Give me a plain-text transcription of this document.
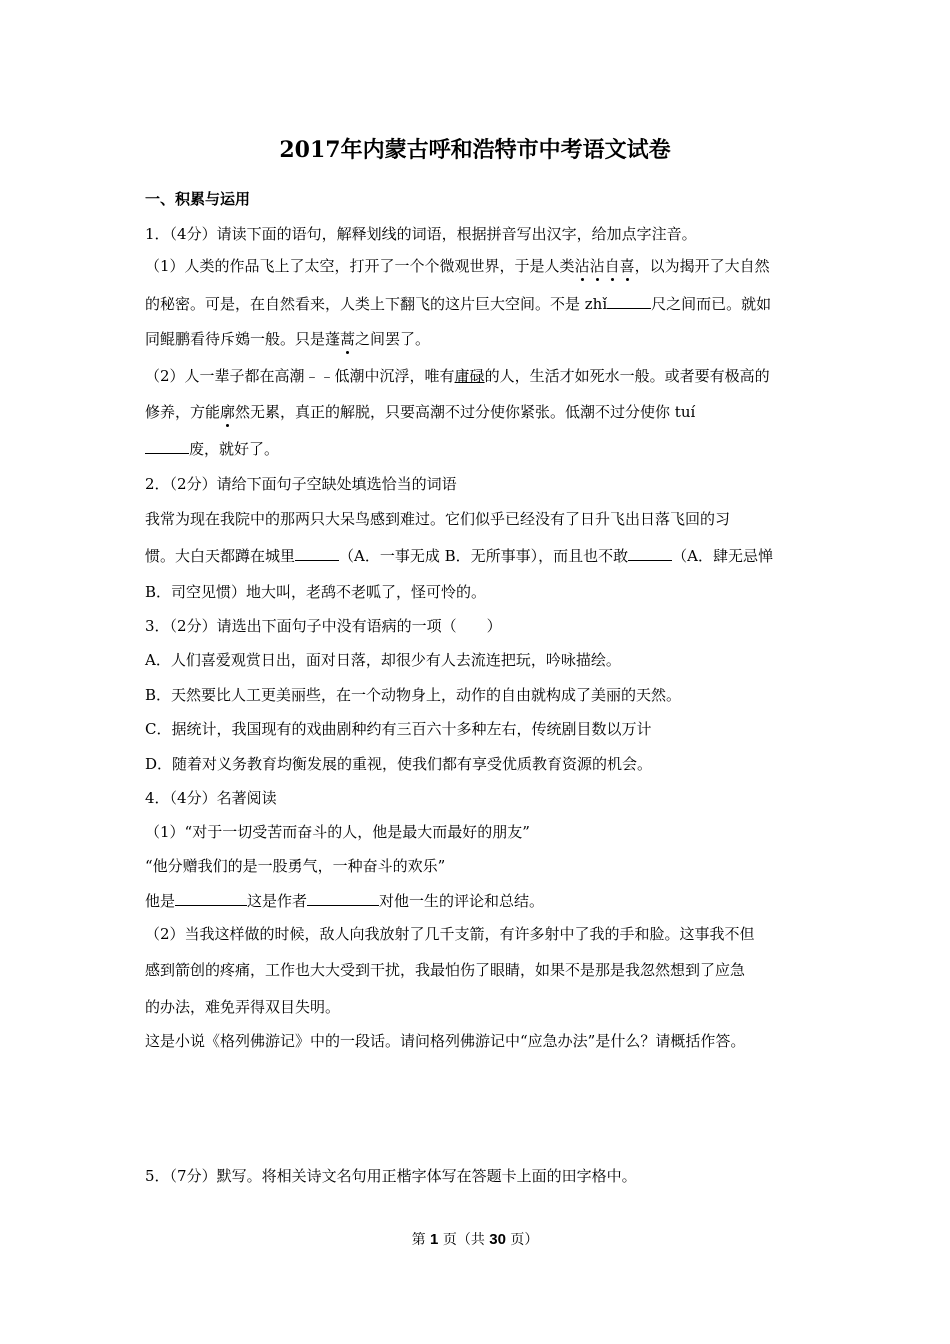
2017年内蒙古呼和浩特市中考语文试卷
一、积累与运用
1．（4分）请读下面的语句，解释划线的词语，根据拼音写出汉字，给加点字注音。
（1）人类的作品飞上了太空，打开了一个个微观世界，于是人类沾沾自喜，以为揭开了大自然
的秘密。可是，在自然看来，人类上下翻飞的这片巨大空间。不是 zhǐ	尺之间而已。就如
同鲲鹏看待斥鴳一般。只是蓬蒿之间罢了。
（2）人一辈子都在高潮﹣﹣低潮中沉浮，唯有庸碌的人，生活才如死水一般。或者要有极高的
修养，方能廓然无累，真正的解脱，只要高潮不过分使你紧张。低潮不过分使你 tuí
废，就好了。
2．（2分）请给下面句子空缺处填选恰当的词语
我常为现在我院中的那两只大呆鸟感到难过。它们似乎已经没有了日升飞出日落飞回的习
惯。大白天都蹲在城里	（A．一事无成 B．无所事事），而且也不敢	（A．肆无忌惮
B．司空见惯）地大叫，老鸹不老呱了，怪可怜的。
3．（2分）请选出下面句子中没有语病的一项（　　）
A．人们喜爱观赏日出，面对日落，却很少有人去流连把玩，吟咏描绘。
B．天然要比人工更美丽些，在一个动物身上，动作的自由就构成了美丽的天然。
C．据统计，我国现有的戏曲剧种约有三百六十多种左右，传统剧目数以万计
D．随着对义务教育均衡发展的重视，使我们都有享受优质教育资源的机会。
4．（4分）名著阅读
（1）“对于一切受苦而奋斗的人，他是最大而最好的朋友”
“他分赠我们的是一股勇气，一种奋斗的欢乐”
他是	这是作者	对他一生的评论和总结。
（2）当我这样做的时候，敌人向我放射了几千支箭，有许多射中了我的手和脸。这事我不但
感到箭创的疼痛，工作也大大受到干扰，我最怕伤了眼睛，如果不是那是我忽然想到了应急
的办法，难免弄得双目失明。
这是小说《格列佛游记》中的一段话。请问格列佛游记中“应急办法”是什么？请概括作答。
5．（7分）默写。将相关诗文名句用正楷字体写在答题卡上面的田字格中。
第 1 页（共 30 页）
